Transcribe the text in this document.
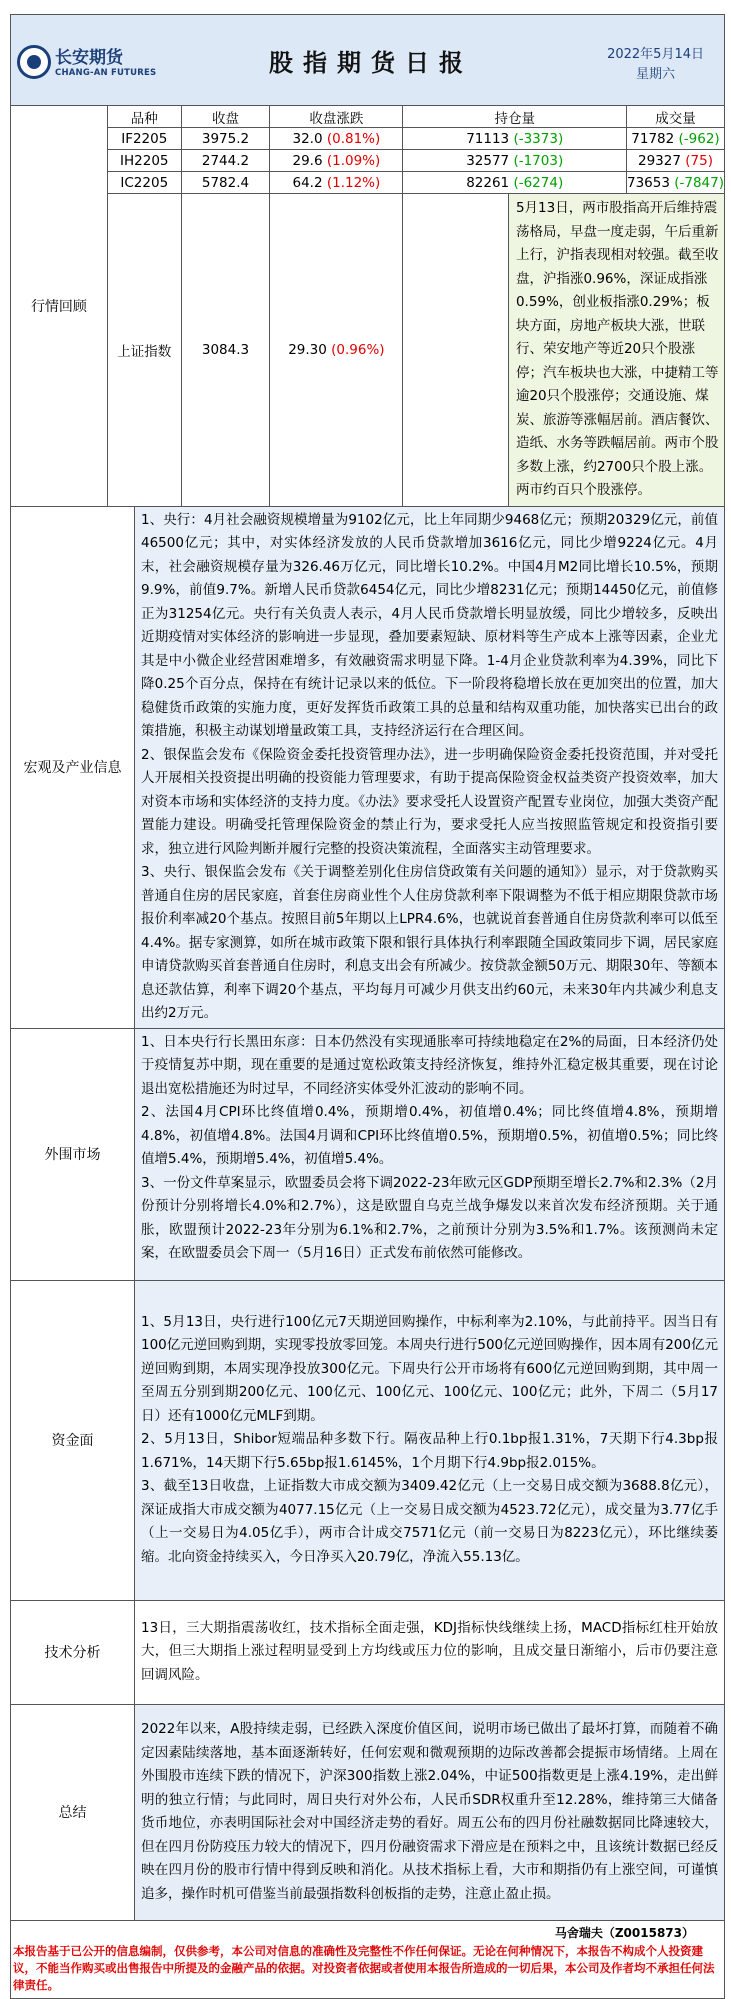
长安期货
CHANG-AN FUTURES	股指期货日报	2022年5月14日
星期六
行情回顾	品种	收盘	收盘涨跌	持仓量		成交量
	IF2205	3975.2	32.0 (0.81%)	71113 (-3373)		71782 (-962)
	IH2205	2744.2	29.6 (1.09%)	32577 (-1703)		29327 (75)
	IC2205	5782.4	64.2 (1.12%)	82261 (-6274)		73653 (-7847)
	上证指数	3084.3	29.30 (0.96%)		5月13日，两市股指高开后维持震荡格局，早盘一度走弱，午后重新上行，沪指表现相对较强。截至收盘，沪指涨0.96%，深证成指涨0.59%，创业板指涨0.29%；板块方面，房地产板块大涨，世联行、荣安地产等近20只个股涨停；汽车板块也大涨，中捷精工等逾20只个股涨停；交通设施、煤炭、旅游等涨幅居前。酒店餐饮、造纸、水务等跌幅居前。两市个股多数上涨，约2700只个股上涨。两市约百只个股涨停。	
宏观及产业信息	
1、央行：4月社会融资规模增量为9102亿元，比上年同期少9468亿元；预期20329亿元，前值46500亿元；其中，对实体经济发放的人民币贷款增加3616亿元，同比少增9224亿元。4月末，社会融资规模存量为326.46万亿元，同比增长10.2%。中国4月M2同比增长10.5%，预期9.9%，前值9.7%。新增人民币贷款6454亿元，同比少增8231亿元；预期14450亿元，前值修正为31254亿元。央行有关负责人表示，4月人民币贷款增长明显放缓，同比少增较多，反映出近期疫情对实体经济的影响进一步显现，叠加要素短缺、原材料等生产成本上涨等因素，企业尤其是中小微企业经营困难增多，有效融资需求明显下降。1-4月企业贷款利率为4.39%，同比下降0.25个百分点，保持在有统计记录以来的低位。下一阶段将稳增长放在更加突出的位置，加大稳健货币政策的实施力度，更好发挥货币政策工具的总量和结构双重功能，加快落实已出台的政策措施，积极主动谋划增量政策工具，支持经济运行在合理区间。
2、银保监会发布《保险资金委托投资管理办法》，进一步明确保险资金委托投资范围，并对受托人开展相关投资提出明确的投资能力管理要求，有助于提高保险资金权益类资产投资效率，加大对资本市场和实体经济的支持力度。《办法》要求受托人设置资产配置专业岗位，加强大类资产配置能力建设。明确受托管理保险资金的禁止行为，要求受托人应当按照监管规定和投资指引要求，独立进行风险判断并履行完整的投资决策流程，全面落实主动管理要求。
3、央行、银保监会发布《关于调整差别化住房信贷政策有关问题的通知》）显示，对于贷款购买普通自住房的居民家庭，首套住房商业性个人住房贷款利率下限调整为不低于相应期限贷款市场报价利率减20个基点。按照目前5年期以上LPR4.6%，也就说首套普通自住房贷款利率可以低至4.4%。据专家测算，如所在城市政策下限和银行具体执行利率跟随全国政策同步下调，居民家庭申请贷款购买首套普通自住房时，利息支出会有所减少。按贷款金额50万元、期限30年、等额本息还款估算，利率下调20个基点，平均每月可减少月供支出约60元，未来30年内共减少利息支出约2万元。
外围市场	
1、日本央行行长黑田东彦：日本仍然没有实现通胀率可持续地稳定在2%的局面，日本经济仍处于疫情复苏中期，现在重要的是通过宽松政策支持经济恢复，维持外汇稳定极其重要，现在讨论退出宽松措施还为时过早，不同经济实体受外汇波动的影响不同。
2、法国4月CPI环比终值增0.4%，预期增0.4%，初值增0.4%；同比终值增4.8%，预期增4.8%，初值增4.8%。法国4月调和CPI环比终值增0.5%，预期增0.5%，初值增0.5%；同比终值增5.4%，预期增5.4%，初值增5.4%。
3、一份文件草案显示，欧盟委员会将下调2022-23年欧元区GDP预期至增长2.7%和2.3%（2月份预计分别将增长4.0%和2.7%），这是欧盟自乌克兰战争爆发以来首次发布经济预期。关于通胀，欧盟预计2022-23年分别为6.1%和2.7%，之前预计分别为3.5%和1.7%。该预测尚未定案，在欧盟委员会下周一（5月16日）正式发布前依然可能修改。
资金面	
1、5月13日，央行进行100亿元7天期逆回购操作，中标利率为2.10%，与此前持平。因当日有100亿元逆回购到期，实现零投放零回笼。本周央行进行500亿元逆回购操作，因本周有200亿元逆回购到期，本周实现净投放300亿元。下周央行公开市场将有600亿元逆回购到期，其中周一至周五分别到期200亿元、100亿元、100亿元、100亿元、100亿元；此外，下周二（5月17日）还有1000亿元MLF到期。
2、5月13日，Shibor短端品种多数下行。隔夜品种上行0.1bp报1.31%，7天期下行4.3bp报1.671%，14天期下行5.65bp报1.6145%，1个月期下行4.9bp报2.015%。
3、截至13日收盘，上证指数大市成交额为3409.42亿元（上一交易日成交额为3688.8亿元），深证成指大市成交额为4077.15亿元（上一交易日成交额为4523.72亿元），成交量为3.77亿手（上一交易日为4.05亿手），两市合计成交7571亿元（前一交易日为8223亿元），环比继续萎缩。北向资金持续买入，今日净买入20.79亿，净流入55.13亿。
技术分析	
13日，三大期指震荡收红，技术指标全面走强，KDJ指标快线继续上扬，MACD指标红柱开始放大，但三大期指上涨过程明显受到上方均线或压力位的影响，且成交量日渐缩小，后市仍要注意回调风险。
总结	
2022年以来，A股持续走弱，已经跌入深度价值区间，说明市场已做出了最坏打算，而随着不确定因素陆续落地，基本面逐渐转好，任何宏观和微观预期的边际改善都会提振市场情绪。上周在外围股市连续下跌的情况下，沪深300指数上涨2.04%，中证500指数更是上涨4.19%，走出鲜明的独立行情；与此同时，周日央行对外公布，人民币SDR权重升至12.28%，维持第三大储备货币地位，亦表明国际社会对中国经济走势的看好。周五公布的四月份社融数据同比降速较大，但在四月份防疫压力较大的情况下，四月份融资需求下滑应是在预料之中，且该统计数据已经反映在四月份的股市行情中得到反映和消化。从技术指标上看，大市和期指仍有上涨空间，可谨慎追多，操作时机可借鉴当前最强指数科创板指的走势，注意止盈止损。
马舍瑞夫（Z0015873）
本报告基于已公开的信息编制，仅供参考，本公司对信息的准确性及完整性不作任何保证。无论在何种情况下，本报告不构成个人投资建议，不能当作购买或出售报告中所提及的金融产品的依据。对投资者依据或者使用本报告所造成的一切后果，本公司及作者均不承担任何法律责任。
